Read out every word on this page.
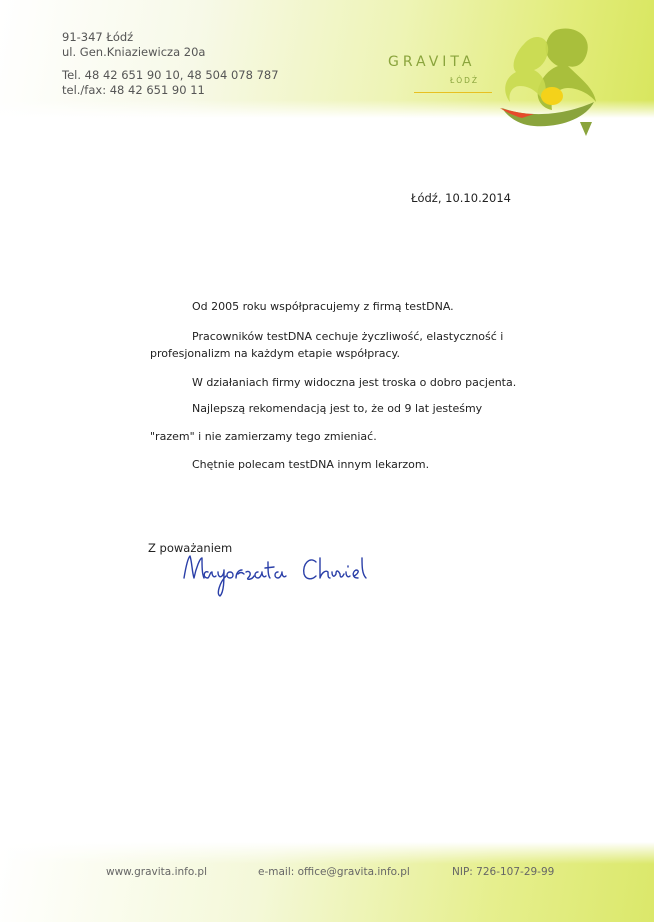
91-347 Łódź
ul. Gen.Kniaziewicza 20a
Tel. 48 42 651 90 10, 48 504 078 787
tel./fax: 48 42 651 90 11
GRAVITA
ŁÓDŹ
Łódź, 10.10.2014
Od 2005 roku współpracujemy z firmą testDNA.
Pracowników testDNA cechuje życzliwość, elastyczność i
profesjonalizm na każdym etapie współpracy.
W działaniach firmy widoczna jest troska o dobro pacjenta.
Najlepszą rekomendacją jest to, że od 9 lat jesteśmy
"razem" i nie zamierzamy tego zmieniać.
Chętnie polecam testDNA innym lekarzom.
Z poważaniem
www.gravita.info.pl	e-mail: office@gravita.info.pl	NIP: 726-107-29-99
